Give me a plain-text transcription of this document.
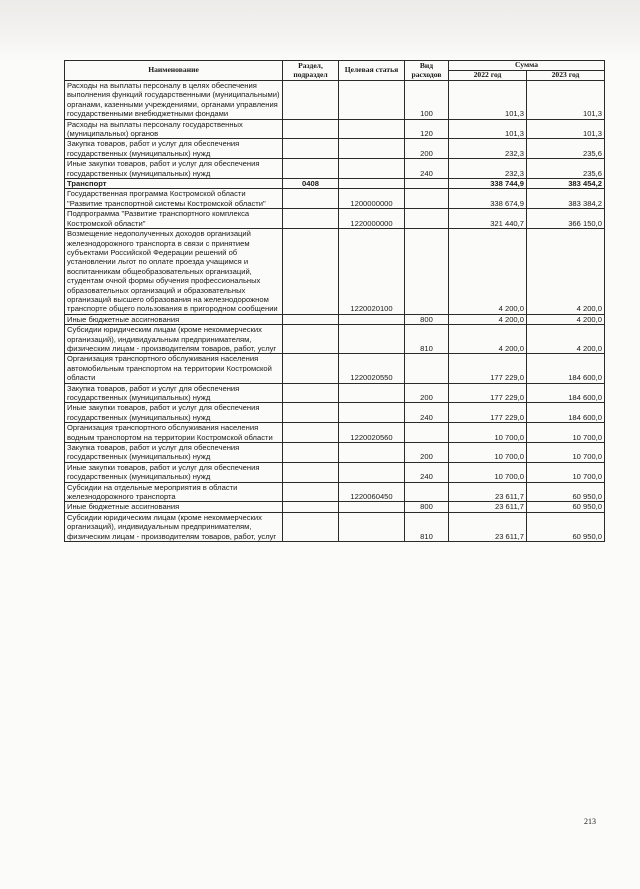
Наименование	Раздел, подраздел	Целевая статья	Вид расходов	Сумма	
				2022 год	2023 год
Расходы на выплаты персоналу в целях обеспечения выполнения функций государственными (муниципальными) органами, казенными учреждениями, органами управления государственными внебюджетными фондами			100	101,3	101,3
Расходы на выплаты персоналу государственных (муниципальных) органов			120	101,3	101,3
Закупка товаров, работ и услуг для обеспечения государственных (муниципальных) нужд			200	232,3	235,6
Иные закупки товаров, работ и услуг для обеспечения государственных (муниципальных) нужд			240	232,3	235,6
Транспорт	0408			338 744,9	383 454,2
Государственная программа Костромской области "Развитие транспортной системы Костромской области"		1200000000		338 674,9	383 384,2
Подпрограмма "Развитие транспортного комплекса Костромской области"		1220000000		321 440,7	366 150,0
Возмещение недополученных доходов организаций железнодорожного транспорта в связи с принятием субъектами Российской Федерации решений об установлении льгот по оплате проезда учащимся и воспитанникам общеобразовательных организаций, студентам очной формы обучения профессиональных образовательных организаций и образовательных организаций высшего образования на железнодорожном транспорте общего пользования в пригородном сообщении		1220020100		4 200,0	4 200,0
Иные бюджетные ассигнования			800	4 200,0	4 200,0
Субсидии юридическим лицам (кроме некоммерческих организаций), индивидуальным предпринимателям, физическим лицам - производителям товаров, работ, услуг			810	4 200,0	4 200,0
Организация транспортного обслуживания населения автомобильным транспортом на территории Костромской области		1220020550		177 229,0	184 600,0
Закупка товаров, работ и услуг для обеспечения государственных (муниципальных) нужд			200	177 229,0	184 600,0
Иные закупки товаров, работ и услуг для обеспечения государственных (муниципальных) нужд			240	177 229,0	184 600,0
Организация транспортного обслуживания населения водным транспортом на территории Костромской области		1220020560		10 700,0	10 700,0
Закупка товаров, работ и услуг для обеспечения государственных (муниципальных) нужд			200	10 700,0	10 700,0
Иные закупки товаров, работ и услуг для обеспечения государственных (муниципальных) нужд			240	10 700,0	10 700,0
Субсидии на отдельные мероприятия в области железнодорожного транспорта		1220060450		23 611,7	60 950,0
Иные бюджетные ассигнования			800	23 611,7	60 950,0
Субсидии юридическим лицам (кроме некоммерческих организаций), индивидуальным предпринимателям, физическим лицам - производителям товаров, работ, услуг			810	23 611,7	60 950,0
213
